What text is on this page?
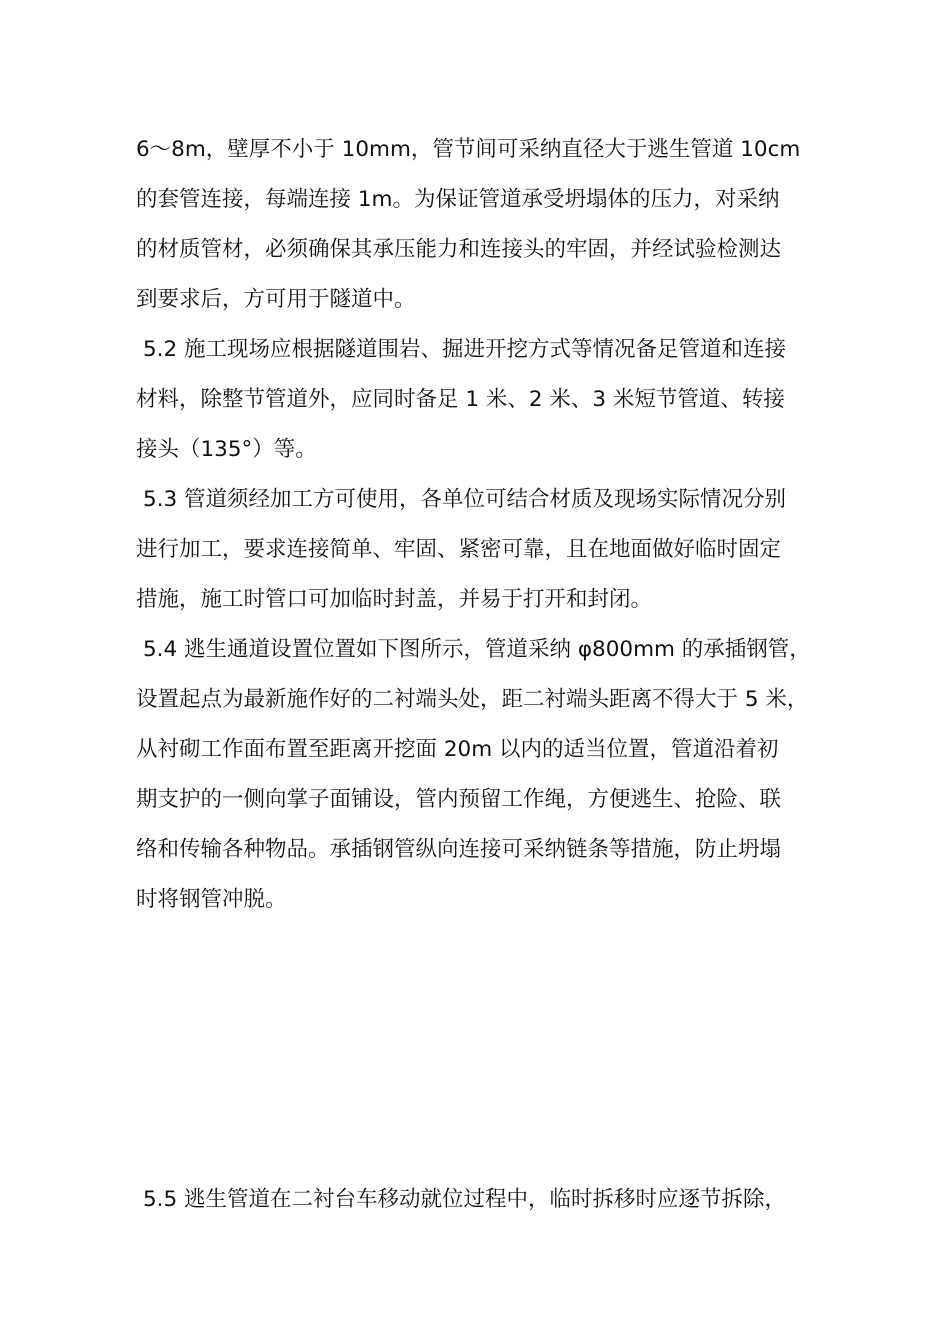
6～8m，壁厚不小于 10mm，管节间可采纳直径大于逃生管道 10cm
的套管连接，每端连接 1m。为保证管道承受坍塌体的压力，对采纳
的材质管材，必须确保其承压能力和连接头的牢固，并经试验检测达
到要求后，方可用于隧道中。
5.2 施工现场应根据隧道围岩、掘进开挖方式等情况备足管道和连接
材料，除整节管道外，应同时备足 1 米、2 米、3 米短节管道、转接
接头（135°）等。
5.3 管道须经加工方可使用，各单位可结合材质及现场实际情况分别
进行加工，要求连接简单、牢固、紧密可靠，且在地面做好临时固定
措施，施工时管口可加临时封盖，并易于打开和封闭。
5.4 逃生通道设置位置如下图所示，管道采纳 φ800mm 的承插钢管，
设置起点为最新施作好的二衬端头处，距二衬端头距离不得大于 5 米，
从衬砌工作面布置至距离开挖面 20m 以内的适当位置，管道沿着初
期支护的一侧向掌子面铺设，管内预留工作绳，方便逃生、抢险、联
络和传输各种物品。承插钢管纵向连接可采纳链条等措施，防止坍塌
时将钢管冲脱。
5.5 逃生管道在二衬台车移动就位过程中，临时拆移时应逐节拆除，
